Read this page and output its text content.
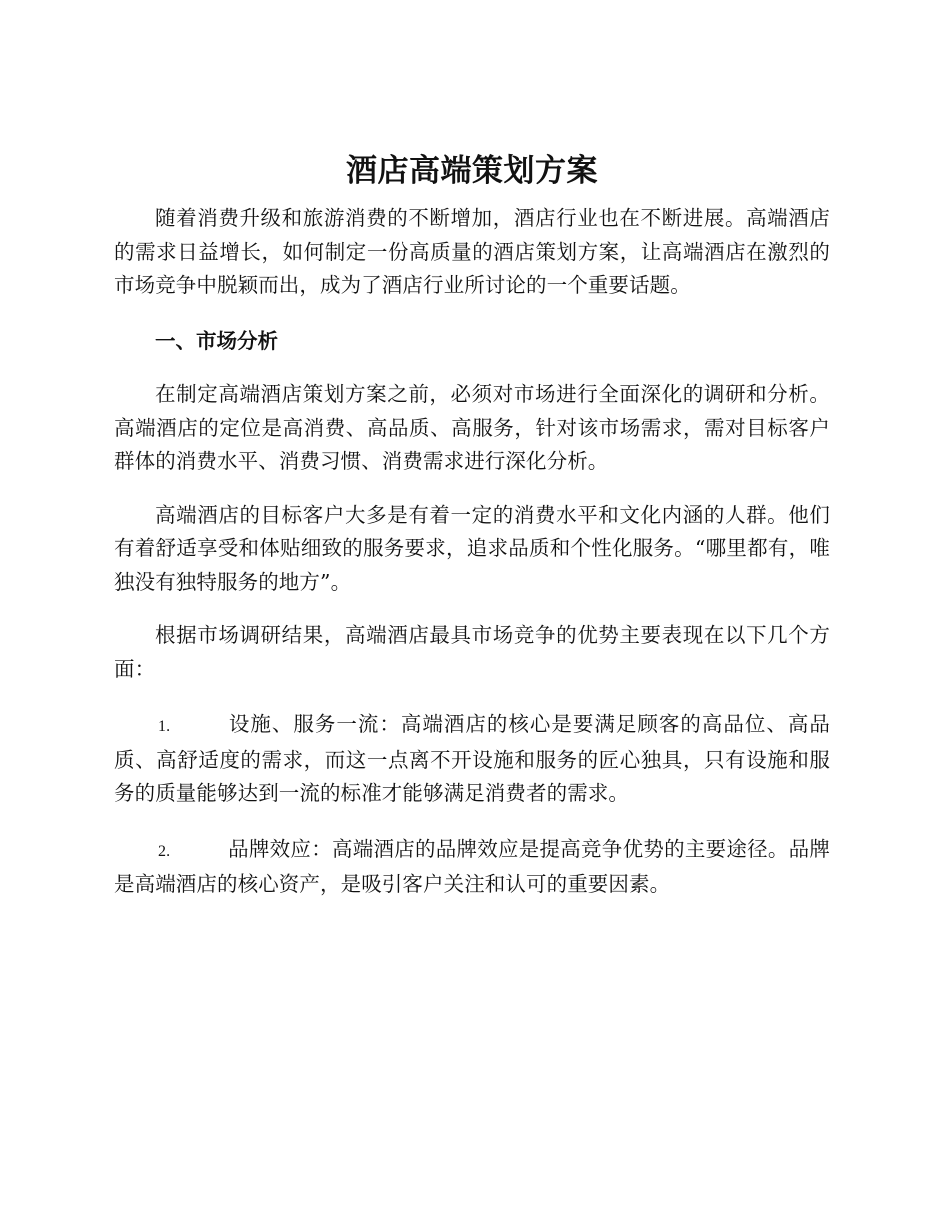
酒店高端策划方案

随着消费升级和旅游消费的不断增加，酒店行业也在不断进展。高端酒店的需求日益增长，如何制定一份高质量的酒店策划方案，让高端酒店在激烈的市场竞争中脱颖而出，成为了酒店行业所讨论的一个重要话题。

一、市场分析

在制定高端酒店策划方案之前，必须对市场进行全面深化的调研和分析。高端酒店的定位是高消费、高品质、高服务，针对该市场需求，需对目标客户群体的消费水平、消费习惯、消费需求进行深化分析。

高端酒店的目标客户大多是有着一定的消费水平和文化内涵的人群。他们有着舒适享受和体贴细致的服务要求，追求品质和个性化服务。“哪里都有，唯独没有独特服务的地方”。

根据市场调研结果，高端酒店最具市场竞争的优势主要表现在以下几个方面：

1.	设施、服务一流：高端酒店的核心是要满足顾客的高品位、高品质、高舒适度的需求，而这一点离不开设施和服务的匠心独具，只有设施和服务的质量能够达到一流的标准才能够满足消费者的需求。

2.	品牌效应：高端酒店的品牌效应是提高竞争优势的主要途径。品牌是高端酒店的核心资产，是吸引客户关注和认可的重要因素。
